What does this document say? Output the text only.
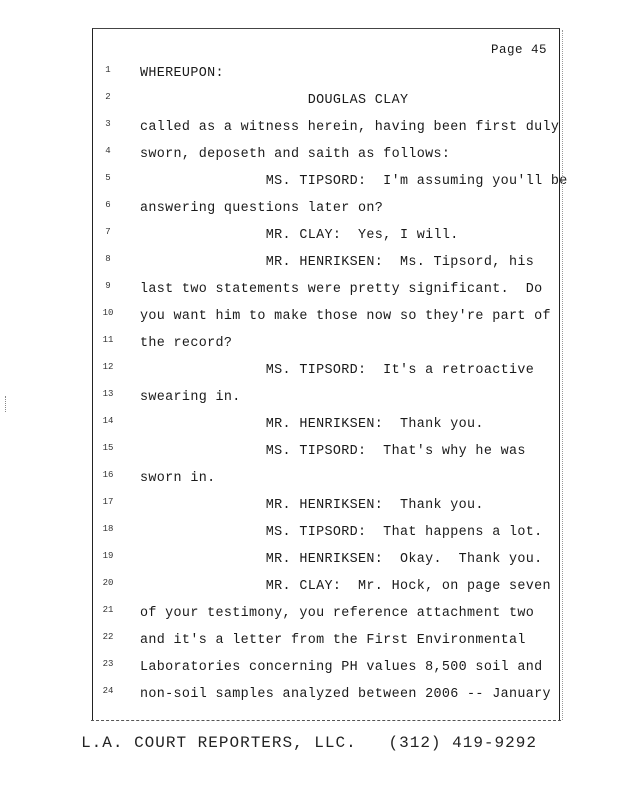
Page 45
1	WHEREUPON:
2	DOUGLAS CLAY
3	called as a witness herein, having been first duly
4	sworn, deposeth and saith as follows:
5	MS. TIPSORD:  I'm assuming you'll be
6	answering questions later on?
7	MR. CLAY:  Yes, I will.
8	MR. HENRIKSEN:  Ms. Tipsord, his
9	last two statements were pretty significant.  Do
10 you want him to make those now so they're part of
11 the record?
12 MS. TIPSORD:  It's a retroactive
13 swearing in.
14 MR. HENRIKSEN:  Thank you.
15 MS. TIPSORD:  That's why he was
16 sworn in.
17 MR. HENRIKSEN:  Thank you.
18 MS. TIPSORD:  That happens a lot.
19 MR. HENRIKSEN:  Okay.  Thank you.
20 MR. CLAY:  Mr. Hock, on page seven
21 of your testimony, you reference attachment two
22 and it's a letter from the First Environmental
23 Laboratories concerning PH values 8,500 soil and
24 non-soil samples analyzed between 2006 -- January
L.A. COURT REPORTERS, LLC.   (312) 419-9292
